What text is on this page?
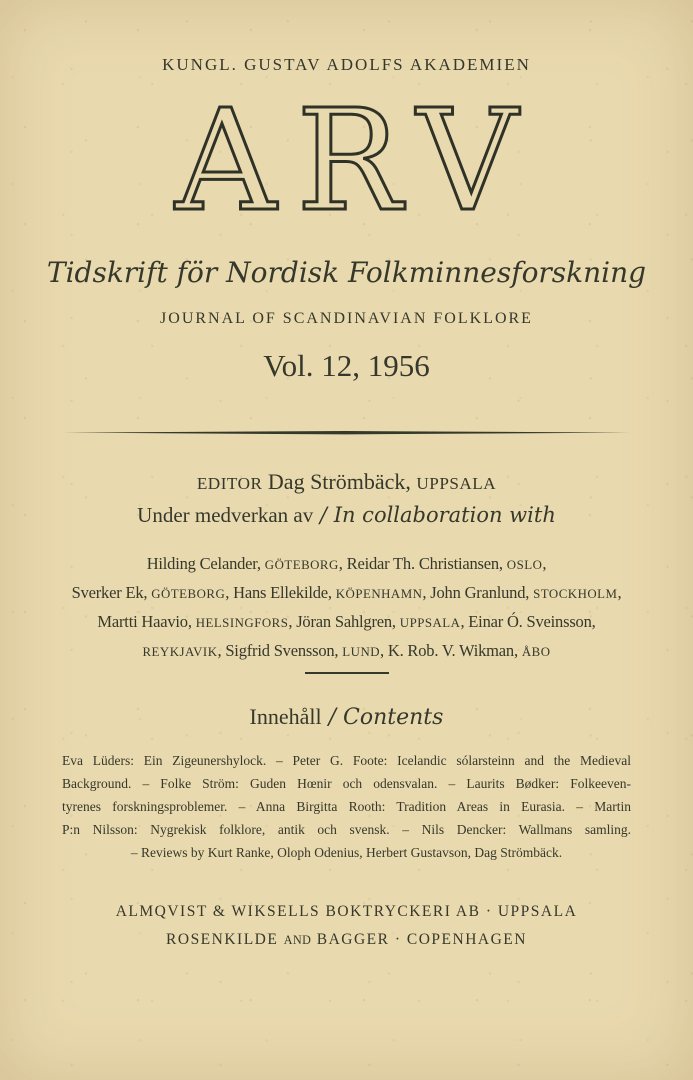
KUNGL. GUSTAV ADOLFS AKADEMIEN
ARV
Tidskrift för Nordisk Folkminnesforskning
JOURNAL OF SCANDINAVIAN FOLKLORE
Vol. 12, 1956
EDITOR Dag Strömbäck, UPPSALA
Under medverkan av / In collaboration with
Hilding Celander, GÖTEBORG, Reidar Th. Christiansen, OSLO,
Sverker Ek, GÖTEBORG, Hans Ellekilde, KÖPENHAMN, John Granlund, STOCKHOLM,
Martti Haavio, HELSINGFORS, Jöran Sahlgren, UPPSALA, Einar Ó. Sveinsson,
REYKJAVIK, Sigfrid Svensson, LUND, K. Rob. V. Wikman, ÅBO
Innehåll / Contents
Eva Lüders: Ein Zigeunershylock. – Peter G. Foote: Icelandic sólarsteinn and the Medieval
Background. – Folke Ström: Guden Hœnir och odensvalan. – Laurits Bødker: Folkeeven-
tyrenes forskningsproblemer. – Anna Birgitta Rooth: Tradition Areas in Eurasia. – Martin
P:n Nilsson: Nygrekisk folklore, antik och svensk. – Nils Dencker: Wallmans samling.
– Reviews by Kurt Ranke, Oloph Odenius, Herbert Gustavson, Dag Strömbäck.
ALMQVIST & WIKSELLS BOKTRYCKERI AB · UPPSALA
ROSENKILDE AND BAGGER · COPENHAGEN
